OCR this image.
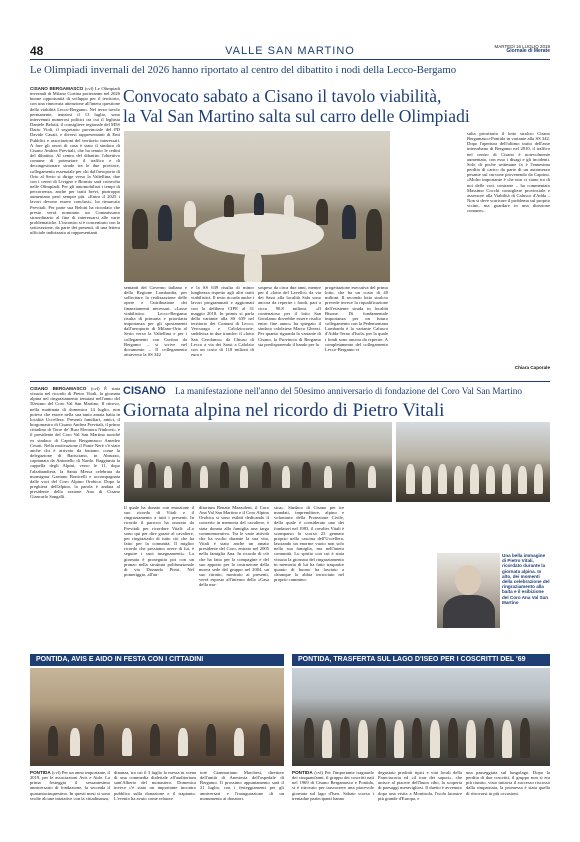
48	VALLE SAN MARTINO	MARTEDÌ 16 LUGLIO 2019
Giornale di Merate
Le Olimpiadi invernali del 2026 hanno riportato al centro del dibattito i nodi della Lecco-Bergamo
Convocato sabato a Cisano il tavolo viabilità,
la Val San Martino salta sul carro delle Olimpiadi
CISANO BERGAMASCO (cvl) Le Olimpiadi invernali di Milano Cortina porteranno nel 2026 buone opportunità di sviluppo per il territorio, con una rinnovata attenzione all'intera questione della viabilità Lecco-Bergamo. Nel terzo tavolo permanente, tenutosi il 13 luglio, sono intervenuti numerosi politici tra cui il leghista Daniele Belotti, il consigliere regionale del M5S Dario Violi, il segretario provinciale del PD Davide Casati, e diversi rappresentanti di Enti Pubblici e associazioni del territorio interessati. A fare gli onori di casa è stato il sindaco di Cisano Andrea Previtali, che ha tenuto le redini del dibattito. Al centro del dibattito l'obiettivo comune di potenziare il traffico e di decongestionare strade tra le due province, collegamento essenziale per chi dall'aeroporto di Orio al Serio si dirige verso la Valtellina, due con i centri di Livigno e Bormio sarà coinvolta nelle Olimpiadi. Per gli automobilisti i tempi di percorrenza, anche per tratti brevi, purtroppo aumentano però sempre più. «Entro il 2025 i lavori devono essere conclusi», ha rimarcato Previtali. Per parte sua Belotti ha ricordato che presto verrà nominato un Commissario straordinario al fine di interessarsi alle varie problematiche. L'incontro si è concentrato con la sottosezione, da parte dei presenti, di una lettera ufficiale indirizzata ai rappresentanti
sulta prioritario il lotto stralcio Cisano Bergamasco-Pontida in variante alla SS 342. Dopo l'apertura dell'ultimo tratto dell'asse interurbano di Bergamo nel 2010, il traffico nel centro di Cisano è notevolmente aumentato, con esso i disagi e gli incidenti. Solo di poche settimane fa è l'ennesima perdita di carico da parte di un automezzo pesante sul curvone provenendo da Caprino. «Molto importante è che non ci siano tra di noi delle voci contrarie – ha commentato Massimo Cocchi consigliere provinciale e assessore alla Viabilità di Calusco d'Adda – Non si deve scaricare il problema sul proprio vicino, ma guardare in una direzione comune».
sentanti del Governo italiano e della Regione Lombardia, per sollecitare la realizzazione delle opere e l'attribuzione dei finanziamenti necessari. «Lasse viabilistico Lecco-Bergamo risulta di primaria e prioritaria importanza per gli spostamenti dall'aeroporto di Milano-Orio al Serio verso la Valtellina e per i collegamenti con Cortina da Bergamo – si scrive nel documento – Il collegamento attraverso la SS 342
e la SS 639 risulta di minor lunghezza rispetto agli altri tratti viabilistici. Il testo ricorda anche i lavori programmati e aggiornati con la delibera CIPE al 31 maggio 2018. In primis si parla della variante alla SS 639 nel territorio dei Comuni di Lecco, Vercurago e Calolziocorte, suddivisa in due tranche: il «lotto San Gerolamo» da Chiuso di Lecco a via dei Sassi a Calolzio con un costo di 118 milioni di euro e
sospeso da circa due anni, mentre per il «lotto del Lavello» da via dei Sassi alla località Sala sono ancora da reperire i fondi, pari a circa 90,8 milioni. «Il contenzioso per il lotto San Gerolamo dovrebbe essere risolto entro fine anno» ha spiegato il sindaco calolziese Marco Ghezzi. Per quanto riguarda la variante di Cisano, la Provincia di Bergamo sta predisponendo il bando per la
progettazione esecutiva del primo lotto, che ha un costo di 40 milioni. Il secondo lotto stralcio prevede invece la riqualificazione dell'esistente strada in località Bisone. Di fondamentale importanza per un futuro collegamento con la Pedemontana Lombarda è la variante Calusco d'Adda-Terno d'Isola, per la quale i fondi sono ancora da reperire. A completamento del collegamento Lecco-Bergamo vi
Chiara Caporale
CISANO La manifestazione nell'anno del 50esimo anniversario di fondazione del Coro Val San Martino
Giornata alpina nel ricordo di Pietro Vitali
CISANO BERGAMASCO (cvl) È stata vissuta nel ricordo di Pietro Vitali, la giornata alpina nel ringraziamento tenutasi nell'anno del 50esimo del Coro Val San Martino. Il ritrovo, nella mattinata di domenica 14 luglio, non poteva che essere nella sua tanto amata baita in località Uccellera. Presenti familiari, amici, il borgomastro di Cisano Andrea Previtali, il primo cittadino di Torre de' Busi Eleonora Ninkovic, e il presidente del Coro Val San Martino nonché ex sindaco di Caprino Bergamasco Amedeo Cesati. Nella motivazione il Ponte Nerè c'è stato anche chi è arrivato da lontano, come la delegazione di Barisciano, in Abruzzo, capitanata da Antonello di Nardo. Raggiunta la cappella degli Alpini, verso le 11, dopo l'alzabandiera, la Santa Messa celebrata da monsignor Gaetano Bonicelli e accompagnata dalle voci del Coro Alpino Orobica. Dopo la preghiera dell'alpino, la parola è andata al presidente della sezione Ana di Cisano Giancarlo Sangalli.
Il quale ha donato con emozione il suo ricordo di Vitali e il ringraziamento a tutti i presenti. In ricordo il parroco ha onorato da Previtali per ricordare Vitali: «Lo sono qui per dire grazie al cavaliere, per ringraziarlo di tutto ciò che ha fatto per la comunità. Il miglior ricordo che possiamo avere di lui, è seguire i suoi insegnamenti». La giornata è proseguita poi con un pranzo nella struttura polifunzionale di via Dozando Pietri. Nel pomeriggio, all'au-
ditorium Renato Mazzoleni, il Coro Ana Val San Martino e il Coro Alpino Orobica si sono esibiti dedicando il concerto in memoria del cavaliere, è stata donata alla famiglia una targa commemorativa. Tra le varie attività che ha svolto durante la sua vita, Vitali è stato anche un amato presidente del Coro, entrato nel 2005 nella famiglia Ana. In ricordo di ciò che ha fatto per la compagine e del suo apporto per la costruzione della nuova sede del gruppo nel 2004, un suo ritratto, mostrato ai presenti, verrà esposto all'interno della «Casa della mu-
sica». Sindaco di Cisano per tre mandati, imprenditore, alpino e volontario della Protezione Civile, della quale è considerato uno dei fondatori nel 1983, il cavalier Vitali è scomparso lo scorso 23 gennaio proprio nella cascina dell'Uccellera, lasciando un enorme vuoto non solo nella sua famiglia, ma nell'intera comunità. Lo spirito con cui è stata vissuta la giornata del ringraziamento in memoria di lui ha fatto trasparire quanto di buono ha lasciato a chiunque lo abbia incrociato nel proprio cammino.
Una bella immagine di Pietro Vitali, ricordato durante la giornata alpina. In alto, dei momenti della celebrazione del ringraziamento alla baita e il esibizione del Coro Ana Val San Martino
PONTIDA, AVIS E AIDO IN FESTA CON I CITTADINI
PONTIDA (cvl) Per un anno importante, il 2019, per le associazioni Avis e Aido. La prima festeggia il sessantesimo anniversario di fondazione, la seconda il quarantacinquesimo. In questi mesi si sono svolte alcune iniziative con la cittadinanza,
dinanza, tra cui il 3 luglio la messa in scena di una commedia dialettale all'auditorium sant'Alberto del monastero. Domenica invece c'è stato un importante incontro pubblico sulla donazione e il trapianto. L'evento ha avuto come relatore
tore Gianmariano Marchesi, direttore dell'unità di Anestesia dell'ospedale di Bergamo. Il prossimo appuntamento sarà il 21 luglio, con i festeggiamenti per gli anniversari e l'inaugurazione di un monumento ai donatori.
PONTIDA, TRASFERTA SUL LAGO D'ISEO PER I COSCRITTI DEL '69
PONTIDA (cvl) Per l'importante traguardo dei cinquant'anni, il gruppo dei coscritti nati nel 1969 di Cisano Bergamasco e Pontida, si è ritrovato per trascorrere una piacevole giornata sul lago d'Iseo. Sabato scorso i trentadue partecipanti hanno
degustato prodotti tipici e vini locali della Franciacorta ed «il tour dei sapori», che unisce al piacere dell'buon cibo, la scoperta di paesaggi meravigliosi. Il duetto è avvenuto dopo una visita a Montisola, l'isola lacustre più grande d'Europa, e
una passeggiata sul lungolago. Dopo la perdita di due coscritti, il gruppo non si era più riunito, visto tuttavia il successo riscosso dalla rimpatriata, la promessa è stata quella di ritrovarsi in più occasioni.
